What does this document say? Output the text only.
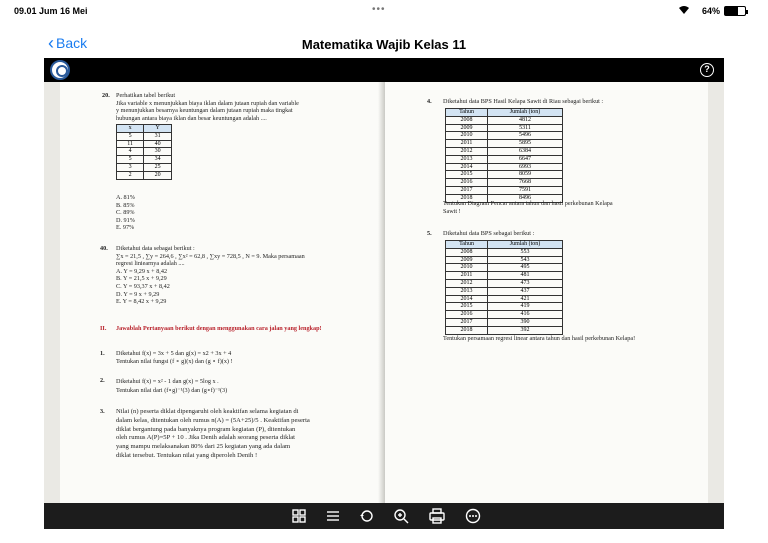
09.01 Jum 16 Mei	•••	64%
‹ Back	Matematika Wajib Kelas 11
?
20. Perhatikan tabel berikut
Jika variable x menunjukkan biaya iklan dalam jutaan rupiah dan variable
y menunjukkan besarnya keuntungan dalam jutaan rupiah maka tingkat
hubungan antara biaya iklan dan besar keuntungan adalah ....
x	Y
5	31
11	40
4	30
5	34
3	25
2	20
A. 81%
B. 85%
C. 89%
D. 91%
E. 97%
40. Diketahui data sebagai berikut :
∑x = 21,5 , ∑y = 264,6 , ∑x² = 62,8 , ∑xy = 728,5 , N = 9. Maka persamaan
regresi liniearnya adalah ....
A. Y = 9,29 x + 8,42
B. Y = 21,5 x + 9,29
C. Y = 93,37 x + 8,42
D. Y = 9 x + 9,29
E. Y = 8,42 x + 9,29
II. Jawablah Pertanyaan berikut dengan menggunakan cara jalan yang lengkap!
1. Diketahui f(x) = 3x + 5 dan g(x) = x2 + 3x + 4
Tentukan nilai fungsi (f ∘ g)(x) dan (g ∘ f)(x) !
2. Diketahui f(x) = x² - 1 dan g(x) = 5log x .
Tentukan nilai dari (f∘g)⁻¹(3) dan (g∘f)⁻¹(3)
3. Nilai (n) peserta diklat dipengaruhi oleh keaktifan selama kegiatan di
dalam kelas, ditentukan oleh rumus n(A) = (5A+25)/5 . Keaktifan peserta
diklat bergantung pada banyaknya program kegiatan (P), ditentukan
oleh rumus A(P)=5P + 10 . Jika Denih adalah seorang peserta diklat
yang mampu melaksanakan 80% dari 25 kegiatan yang ada dalam
diklat tersebut. Tentukan nilai yang diperoleh Denih !
4. Diketahui data BPS Hasil Kelapa Sawit di Riau sebagai berikut :
Tahun	Jumlah (ton)
2008	4812
2009	5311
2010	5496
2011	5895
2012	6384
2013	6647
2014	6993
2015	8059
2016	7668
2017	7591
2018	8496
Tentukan Diagram Pencar antara tahun dan hasil perkebunan Kelapa
Sawit !
5. Diketahui data BPS sebagai berikut :
Tahun	Jumlah (ton)
2008	553
2009	543
2010	495
2011	481
2012	473
2013	437
2014	421
2015	419
2016	416
2017	390
2018	392
Tentukan persamaan regresi linear antara tahun dan hasil perkebunan Kelapa!
